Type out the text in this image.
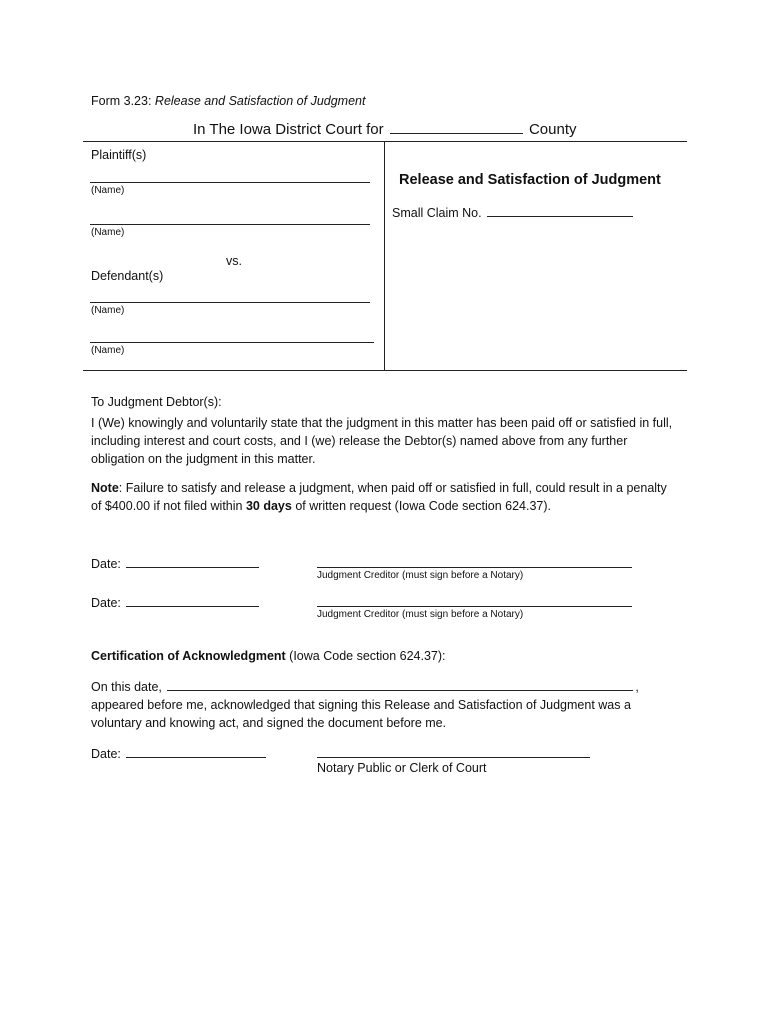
Form 3.23: Release and Satisfaction of Judgment
In The Iowa District Court for	County
Plaintiff(s)
(Name)
(Name)
vs.
Defendant(s)
(Name)
(Name)
Release and Satisfaction of Judgment
Small Claim No.
To Judgment Debtor(s):
I (We) knowingly and voluntarily state that the judgment in this matter has been paid off or satisfied in full,
including interest and court costs, and I (we) release the Debtor(s) named above from any further
obligation on the judgment in this matter.
Note: Failure to satisfy and release a judgment, when paid off or satisfied in full, could result in a penalty
of $400.00 if not filed within 30 days of written request (Iowa Code section 624.37).
Date:
Judgment Creditor (must sign before a Notary)
Date:
Judgment Creditor (must sign before a Notary)
Certification of Acknowledgment (Iowa Code section 624.37):
On this date,	,
appeared before me, acknowledged that signing this Release and Satisfaction of Judgment was a
voluntary and knowing act, and signed the document before me.
Date:
Notary Public or Clerk of Court
